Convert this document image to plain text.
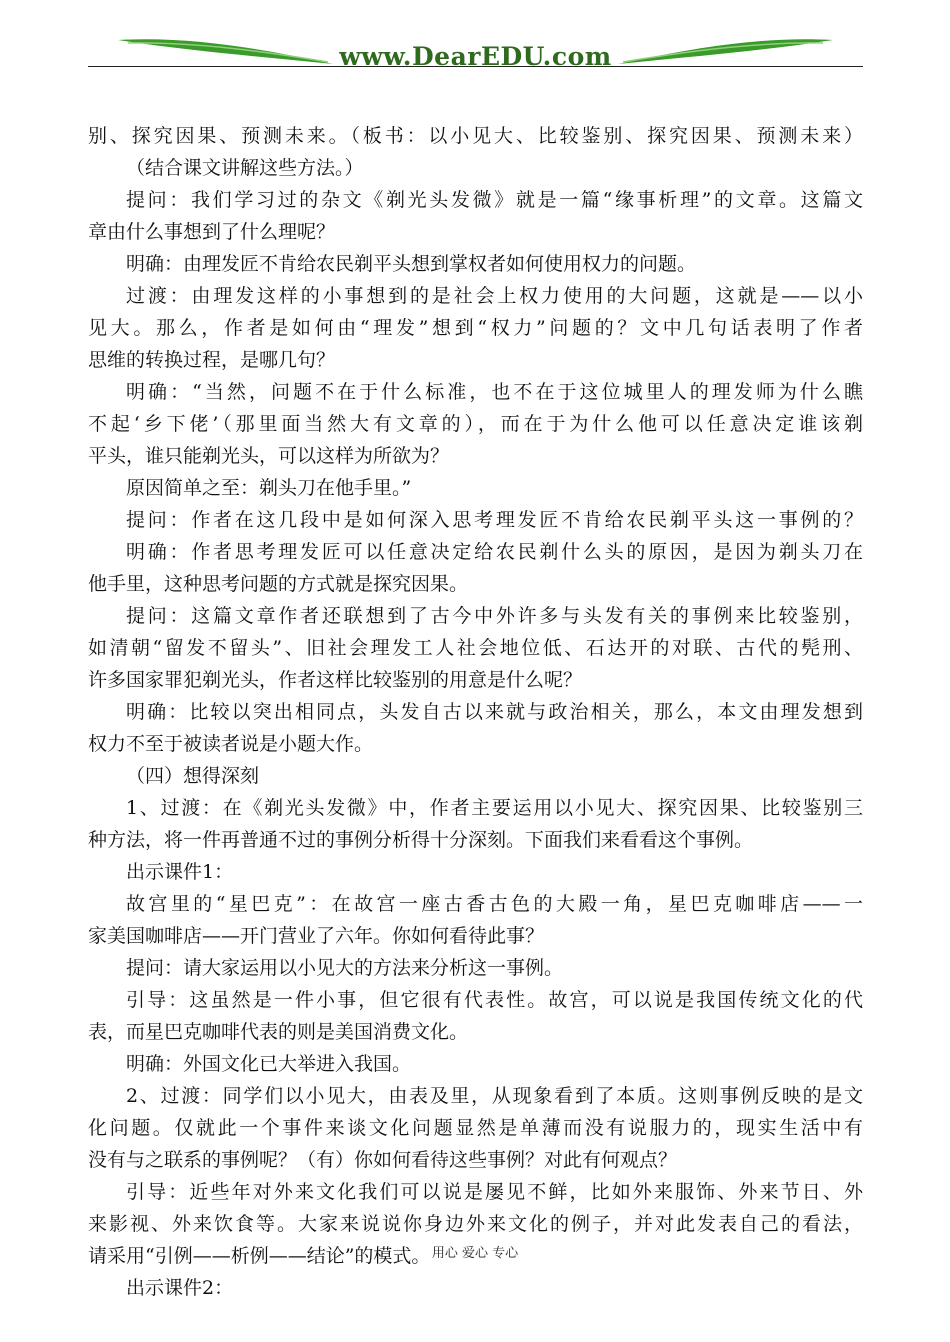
www.DearEDU.com
别、探究因果、预测未来。（板书：以小见大、比较鉴别、探究因果、预测未来）
（结合课文讲解这些方法。）
提问：我们学习过的杂文《剃光头发微》就是一篇“缘事析理”的文章。这篇文
章由什么事想到了什么理呢？
明确：由理发匠不肯给农民剃平头想到掌权者如何使用权力的问题。
过渡：由理发这样的小事想到的是社会上权力使用的大问题，这就是——以小
见大。那么，作者是如何由“理发”想到“权力”问题的？文中几句话表明了作者
思维的转换过程，是哪几句？
明确：“当然，问题不在于什么标准，也不在于这位城里人的理发师为什么瞧
不起‘乡下佬’（那里面当然大有文章的），而在于为什么他可以任意决定谁该剃
平头，谁只能剃光头，可以这样为所欲为？
原因简单之至：剃头刀在他手里。”
提问：作者在这几段中是如何深入思考理发匠不肯给农民剃平头这一事例的？
明确：作者思考理发匠可以任意决定给农民剃什么头的原因，是因为剃头刀在
他手里，这种思考问题的方式就是探究因果。
提问：这篇文章作者还联想到了古今中外许多与头发有关的事例来比较鉴别，
如清朝“留发不留头”、旧社会理发工人社会地位低、石达开的对联、古代的髡刑、
许多国家罪犯剃光头，作者这样比较鉴别的用意是什么呢？
明确：比较以突出相同点，头发自古以来就与政治相关，那么，本文由理发想到
权力不至于被读者说是小题大作。
（四）想得深刻
1、过渡：在《剃光头发微》中，作者主要运用以小见大、探究因果、比较鉴别三
种方法，将一件再普通不过的事例分析得十分深刻。下面我们来看看这个事例。
出示课件1：
故宫里的“星巴克”：在故宫一座古香古色的大殿一角，星巴克咖啡店——一
家美国咖啡店——开门营业了六年。你如何看待此事？
提问：请大家运用以小见大的方法来分析这一事例。
引导：这虽然是一件小事，但它很有代表性。故宫，可以说是我国传统文化的代
表，而星巴克咖啡代表的则是美国消费文化。
明确：外国文化已大举进入我国。
2、过渡：同学们以小见大，由表及里，从现象看到了本质。这则事例反映的是文
化问题。仅就此一个事件来谈文化问题显然是单薄而没有说服力的，现实生活中有
没有与之联系的事例呢？（有）你如何看待这些事例？对此有何观点？
引导：近些年对外来文化我们可以说是屡见不鲜，比如外来服饰、外来节日、外
来影视、外来饮食等。大家来说说你身边外来文化的例子，并对此发表自己的看法，
请采用“引例——析例——结论”的模式。
出示课件2：
用心 爱心 专心
